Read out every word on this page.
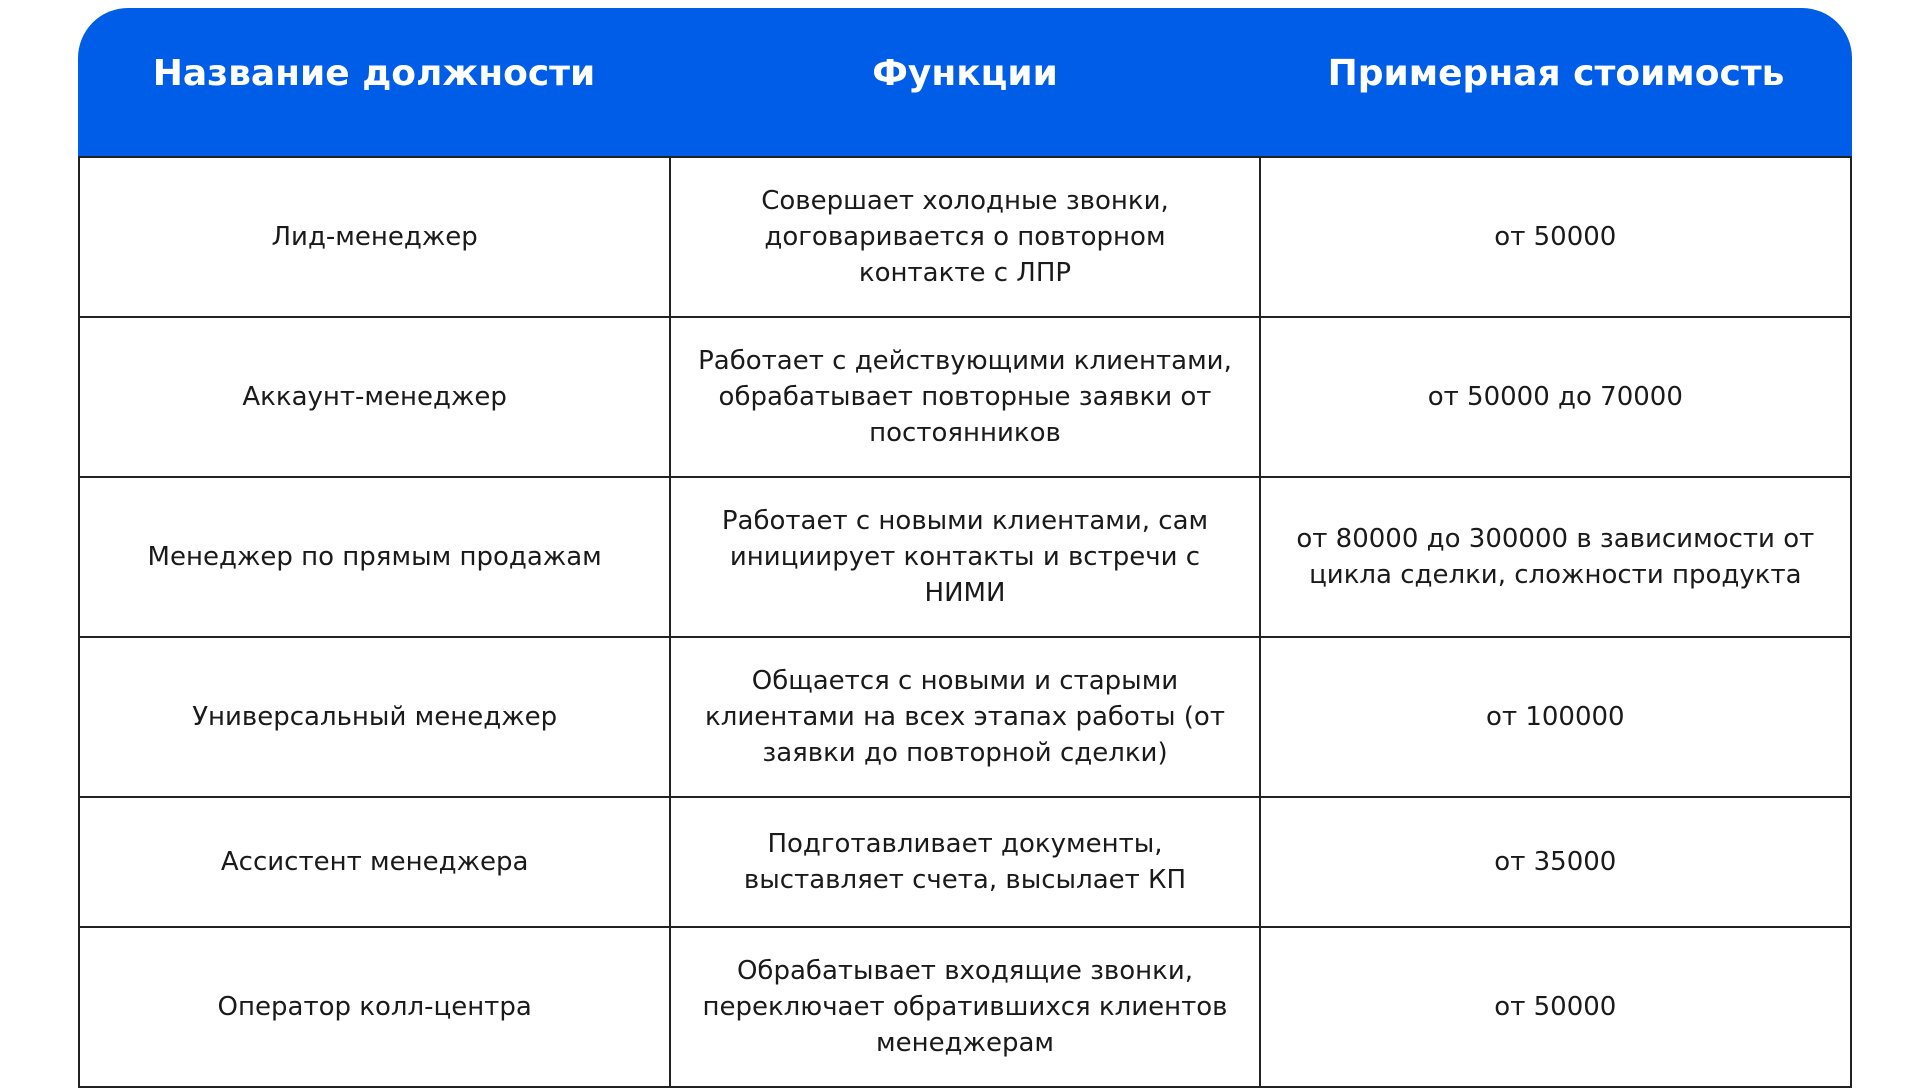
Название должности	Функции	Примерная стоимость
Лид-менеджер
Совершает холодные звонки, договаривается о повторном контакте с ЛПР
от 50000
Аккаунт-менеджер
Работает с действующими клиентами, обрабатывает повторные заявки от постоянников
от 50000 до 70000
Менеджер по прямым продажам
Работает с новыми клиентами, сам инициирует контакты и встречи с НИМИ
от 80000 до 300000 в зависимости от цикла сделки, сложности продукта
Универсальный менеджер
Общается с новыми и старыми клиентами на всех этапах работы (от заявки до повторной сделки)
от 100000
Ассистент менеджера
Подготавливает документы, выставляет счета, высылает КП
от 35000
Оператор колл-центра
Обрабатывает входящие звонки, переключает обратившихся клиентов менеджерам
от 50000
